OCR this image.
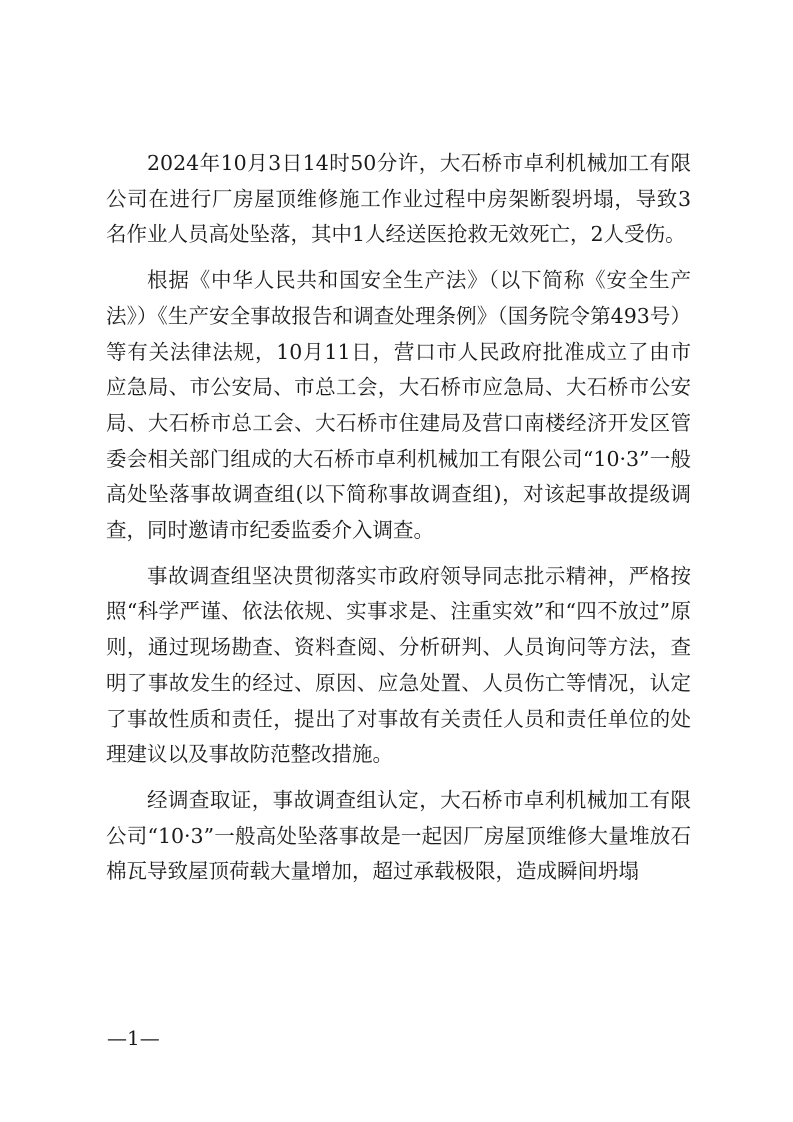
2024年10月3日14时50分许，大石桥市卓利机械加工有限公司在进行厂房屋顶维修施工作业过程中房架断裂坍塌，导致3名作业人员高处坠落，其中1人经送医抢救无效死亡，2人受伤。

根据《中华人民共和国安全生产法》（以下简称《安全生产法》）《生产安全事故报告和调查处理条例》（国务院令第493号）等有关法律法规，10月11日，营口市人民政府批准成立了由市应急局、市公安局、市总工会，大石桥市应急局、大石桥市公安局、大石桥市总工会、大石桥市住建局及营口南楼经济开发区管委会相关部门组成的大石桥市卓利机械加工有限公司“10·3”一般高处坠落事故调查组(以下简称事故调查组)，对该起事故提级调查，同时邀请市纪委监委介入调查。

事故调查组坚决贯彻落实市政府领导同志批示精神，严格按照“科学严谨、依法依规、实事求是、注重实效”和“四不放过”原则，通过现场勘查、资料查阅、分析研判、人员询问等方法，查明了事故发生的经过、原因、应急处置、人员伤亡等情况，认定了事故性质和责任，提出了对事故有关责任人员和责任单位的处理建议以及事故防范整改措施。

经调查取证，事故调查组认定，大石桥市卓利机械加工有限公司“10·3”一般高处坠落事故是一起因厂房屋顶维修大量堆放石棉瓦导致屋顶荷载大量增加，超过承载极限，造成瞬间坍塌

—1—
